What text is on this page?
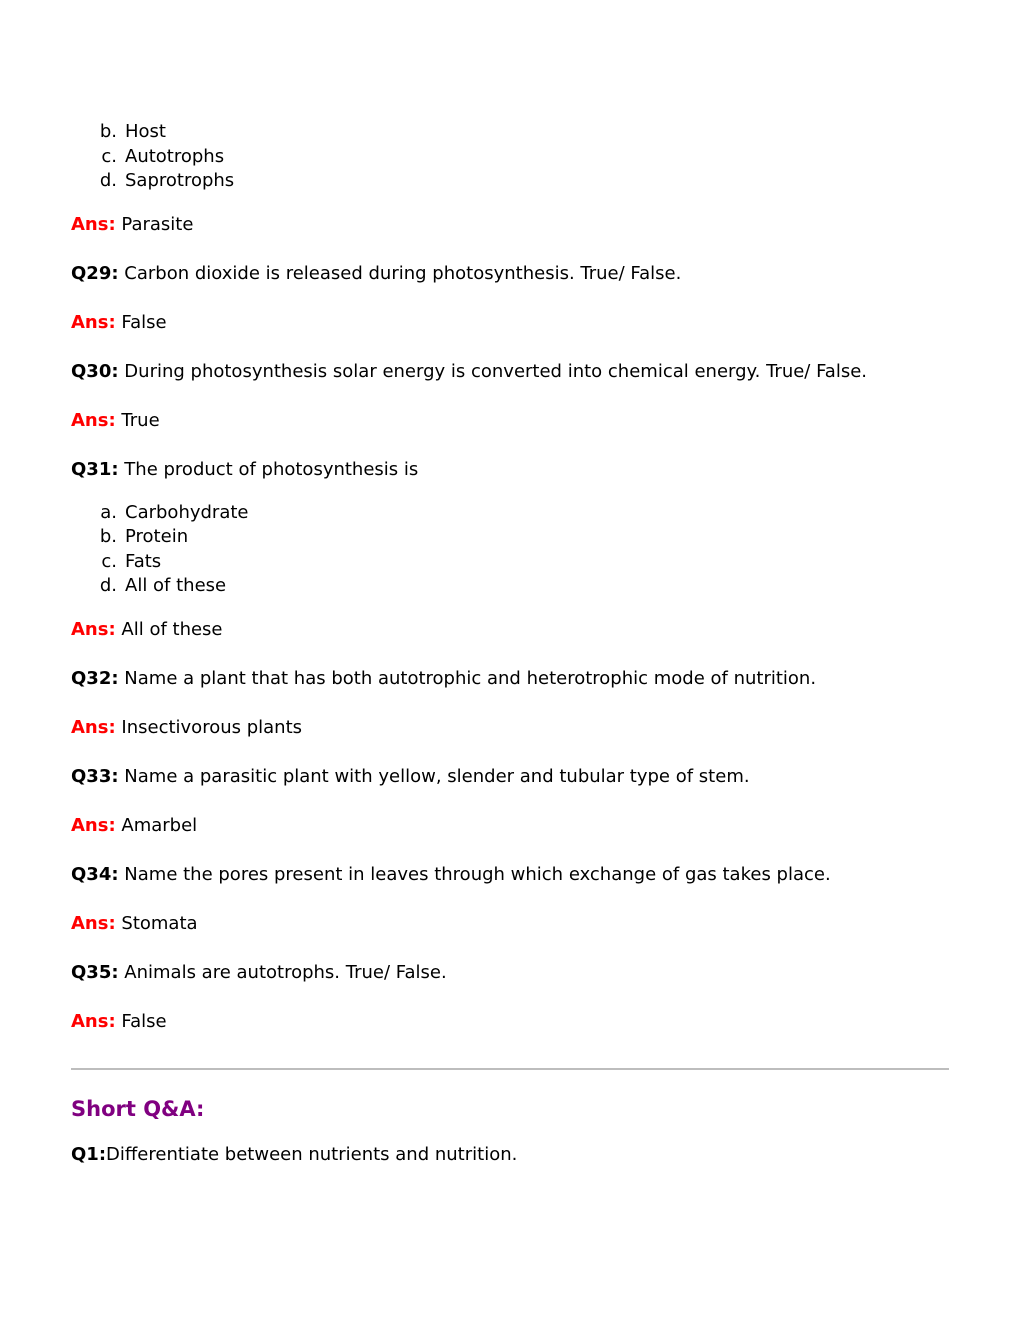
b. Host
c. Autotrophs
d. Saprotrophs
Ans: Parasite
Q29: Carbon dioxide is released during photosynthesis. True/ False.
Ans: False
Q30: During photosynthesis solar energy is converted into chemical energy. True/ False.
Ans: True
Q31: The product of photosynthesis is
a. Carbohydrate
b. Protein
c. Fats
d. All of these
Ans: All of these
Q32: Name a plant that has both autotrophic and heterotrophic mode of nutrition.
Ans: Insectivorous plants
Q33: Name a parasitic plant with yellow, slender and tubular type of stem.
Ans: Amarbel
Q34: Name the pores present in leaves through which exchange of gas takes place.
Ans: Stomata
Q35: Animals are autotrophs. True/ False.
Ans: False
Short Q&A:
Q1:Differentiate between nutrients and nutrition.
